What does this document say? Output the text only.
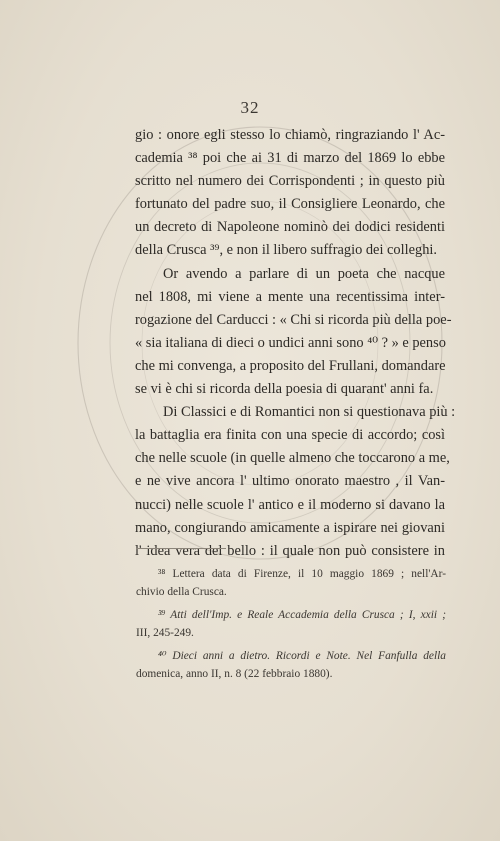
32
gio : onore egli stesso lo chiamò, ringraziando l' Ac-
cademia ³⁸ poi che ai 31 di marzo del 1869 lo ebbe
scritto nel numero dei Corrispondenti ; in questo più
fortunato del padre suo, il Consigliere Leonardo, che
un decreto di Napoleone nominò dei dodici residenti
della Crusca ³⁹, e non il libero suffragio dei colleghi.
Or avendo a parlare di un poeta che nacque
nel 1808, mi viene a mente una recentissima inter-
rogazione del Carducci : « Chi si ricorda più della poe-
« sia italiana di dieci o undici anni sono ⁴⁰ ? » e penso
che mi convenga, a proposito del Frullani, domandare
se vi è chi si ricorda della poesia di quarant' anni fa.
Di Classici e di Romantici non si questionava più :
la battaglia era finita con una specie di accordo; così
che nelle scuole (in quelle almeno che toccarono a me,
e ne vive ancora l' ultimo onorato maestro , il Van-
nucci) nelle scuole l' antico e il moderno si davano la
mano, congiurando amicamente a ispirare nei giovani
l' idea vera del bello : il quale non può consistere in
³⁸ Lettera data di Firenze, il 10 maggio 1869 ; nell'Ar-
chivio della Crusca.
³⁹ Atti dell'Imp. e Reale Accademia della Crusca ; I, xxii ;
III, 245-249.
⁴⁰ Dieci anni a dietro. Ricordi e Note. Nel Fanfulla della
domenica, anno II, n. 8 (22 febbraio 1880).
